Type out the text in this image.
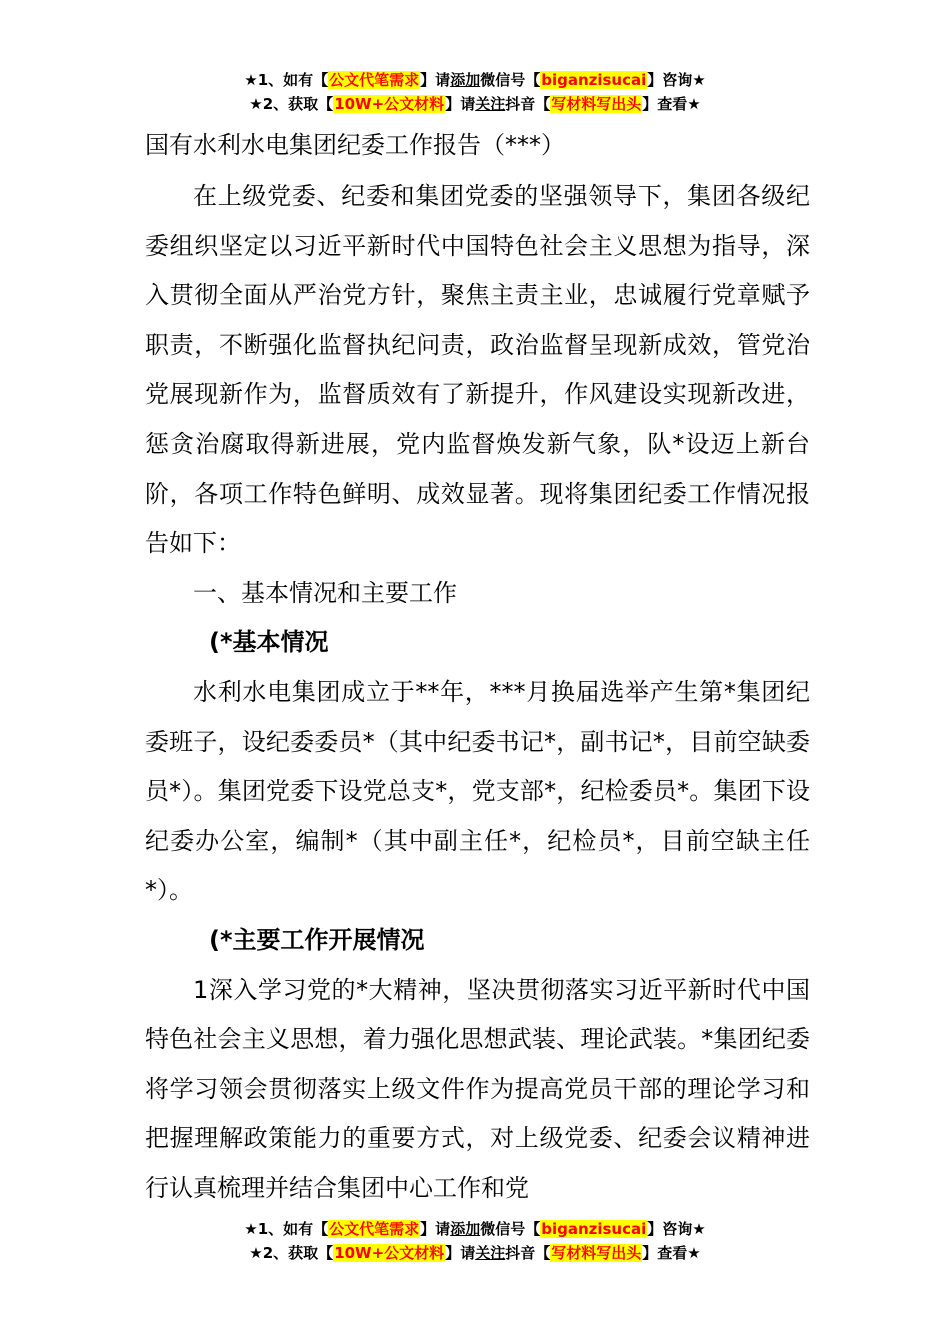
★1、如有【公文代笔需求】请添加微信号【biganzisucai】咨询★
★2、获取【10W+公文材料】请关注抖音【写材料写出头】查看★
国有水利水电集团纪委工作报告（***）

在上级党委、纪委和集团党委的坚强领导下，集团各级纪委组织坚定以习近平新时代中国特色社会主义思想为指导，深入贯彻全面从严治党方针，聚焦主责主业，忠诚履行党章赋予职责，不断强化监督执纪问责，政治监督呈现新成效，管党治党展现新作为，监督质效有了新提升，作风建设实现新改进，惩贪治腐取得新进展，党内监督焕发新气象，队*设迈上新台阶，各项工作特色鲜明、成效显著。现将集团纪委工作情况报告如下：

一、基本情况和主要工作

(*基本情况

水利水电集团成立于**年，***月换届选举产生第*集团纪委班子，设纪委委员*（其中纪委书记*，副书记*，目前空缺委员*）。集团党委下设党总支*，党支部*，纪检委员*。集团下设纪委办公室，编制*（其中副主任*，纪检员*，目前空缺主任*）。

(*主要工作开展情况

1深入学习党的*大精神，坚决贯彻落实习近平新时代中国特色社会主义思想，着力强化思想武装、理论武装。*集团纪委将学习领会贯彻落实上级文件作为提高党员干部的理论学习和把握理解政策能力的重要方式，对上级党委、纪委会议精神进行认真梳理并结合集团中心工作和党

★1、如有【公文代笔需求】请添加微信号【biganzisucai】咨询★
★2、获取【10W+公文材料】请关注抖音【写材料写出头】查看★
